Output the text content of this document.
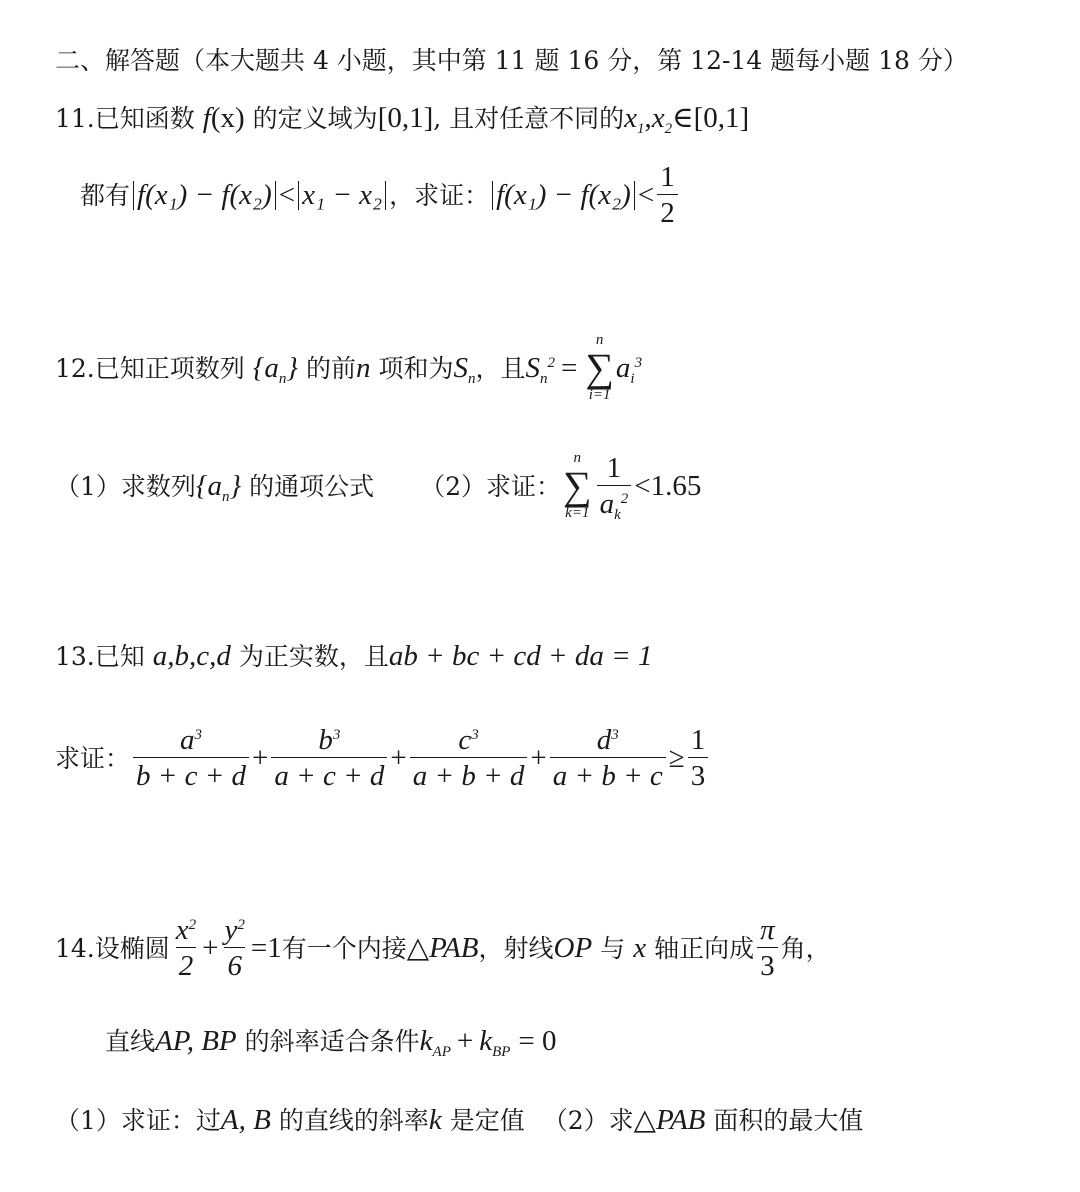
二、解答题（本大题共 4 小题，其中第 11 题 16 分，第 12-14 题每小题 18 分）
11. 已知函数 f (x) 的定义域为 [0,1] , 且对任意不同的 $x_1$ , $x_2$ ∈[0,1]
都有 f(x₁) − f(x₂) < x₁ − x₂ ，求证： $f(x_1) - f(x_2) < \frac{1}{2}$
12. 已知正项数列 $\{a_n\}$ 的前 n 项和为 $S_n$ ，且 $S_n^2$ =
n
∑
i=1
$a_i^3$
（1）求数列 $\{a_n\}$ 的通项公式 （2）求证：
n
∑
$k=1 \frac{1}{a_k^2} <1.65$
13. 已知 a,b,c,d 为正实数，且 ab + bc + cd + da = 1
求证： $\frac{a^3}{b + c + d} + \frac{b^3}{a + c + d} + \frac{c^3}{a + b + d} + \frac{d^3}{a + b + c} \ge \frac{1}{3}$
14. 设椭圆 $\frac{x^2}{2} + \frac{y^2}{6} =1$ 有一个内接 △ PAB ，射线 OP 与 x 轴正向成 $\frac{\pi}{3}$ 角，
直线 AP, BP 的斜率适合条件 $k_{AP} + k_{BP} = 0$
（1）求证：过 A, B 的直线的斜率 k 是定值 （2）求 △ PAB 面积的最大值
